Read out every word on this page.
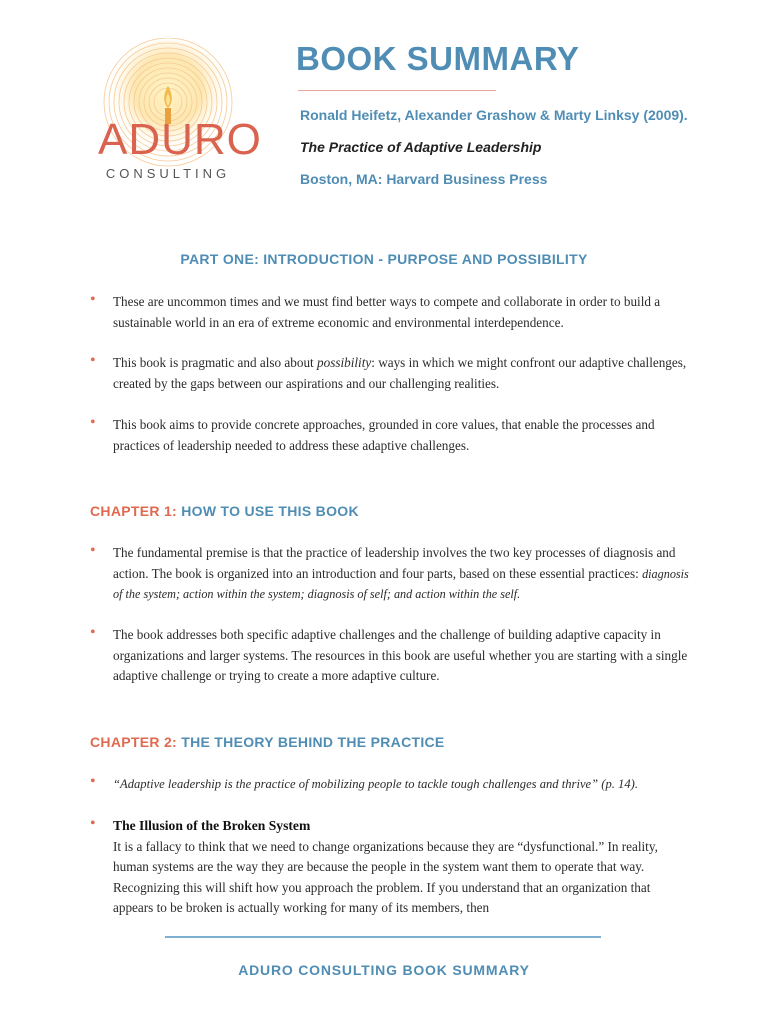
ADURO
CONSULTING
BOOK SUMMARY
Ronald Heifetz, Alexander Grashow & Marty Linksy (2009).
The Practice of Adaptive Leadership
Boston, MA: Harvard Business Press
PART ONE: INTRODUCTION - PURPOSE AND POSSIBILITY
• These are uncommon times and we must find better ways to compete and collaborate in order to build a sustainable world in an era of extreme economic and environmental interdependence.
• This book is pragmatic and also about possibility: ways in which we might confront our adaptive challenges, created by the gaps between our aspirations and our challenging realities.
• This book aims to provide concrete approaches, grounded in core values, that enable the processes and practices of leadership needed to address these adaptive challenges.
CHAPTER 1: HOW TO USE THIS BOOK
• The fundamental premise is that the practice of leadership involves the two key processes of diagnosis and action. The book is organized into an introduction and four parts, based on these essential practices: diagnosis of the system; action within the system; diagnosis of self; and action within the self.
• The book addresses both specific adaptive challenges and the challenge of building adaptive capacity in organizations and larger systems. The resources in this book are useful whether you are starting with a single adaptive challenge or trying to create a more adaptive culture.
CHAPTER 2: THE THEORY BEHIND THE PRACTICE
• “Adaptive leadership is the practice of mobilizing people to tackle tough challenges and thrive” (p. 14).
• The Illusion of the Broken System
It is a fallacy to think that we need to change organizations because they are “dysfunctional.” In reality, human systems are the way they are because the people in the system want them to operate that way. Recognizing this will shift how you approach the problem. If you understand that an organization that appears to be broken is actually working for many of its members, then
ADURO CONSULTING BOOK SUMMARY
